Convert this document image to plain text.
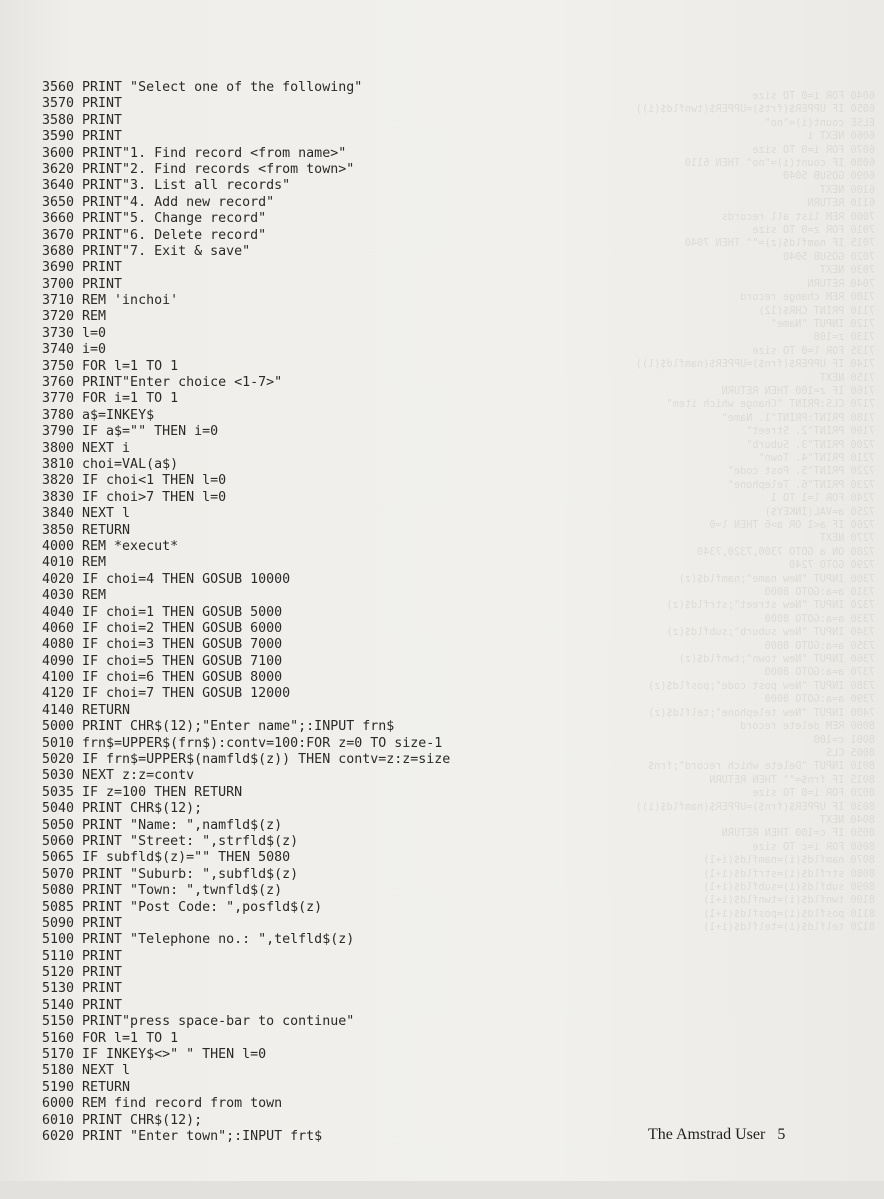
6040 FOR i=0 TO size
6050 IF UPPER$(frt$)=UPPER$(twnfld$(i))
ELSE count(i)="no"
6060 NEXT i
6070 FOR i=0 TO size
6080 IF count(i)="no" THEN 6110
6090 GOSUB 5040
6100 NEXT
6110 RETURN
7000 REM list all records
7010 FOR z=0 TO size
7015 IF namfld$(z)="" THEN 7040
7020 GOSUB 5040
7030 NEXT
7040 RETURN
7100 REM change record
7110 PRINT CHR$(12)
7120 INPUT "Name"
7130 z=100
7135 FOR l=0 TO size
7140 IF UPPER$(frn$)=UPPER$(namfld$(l))
7150 NEXT
7160 IF z=100 THEN RETURN
7170 CLS:PRINT "Change which item"
7180 PRINT:PRINT"1. Name"
7190 PRINT"2. Street"
7200 PRINT"3. Suburb"
7210 PRINT"4. Town"
7220 PRINT"5. Post code"
7230 PRINT"6. Telephone"
7240 FOR l=1 TO 1
7250 a=VAL(INKEY$)
7260 IF a<1 OR a>6 THEN l=0
7270 NEXT
7280 ON a GOTO 7300,7320,7340
7290 GOTO 7240
7300 INPUT "New name";namfld$(z)
7310 a=a:GOTO 8000
7320 INPUT "New street";strfld$(z)
7330 a=a:GOTO 8000
7340 INPUT "New suburb";subfld$(z)
7350 a=a:GOTO 8000
7360 INPUT "New town";twnfld$(z)
7370 a=a:GOTO 8000
7380 INPUT "New post code";posfld$(z)
7390 a=a:GOTO 8000
7400 INPUT "New telephone";telfld$(z)
8000 REM delete record
8001 c=100
8005 CLS
8010 INPUT "Delete which record";frn$
8015 IF frn$="" THEN RETURN
8020 FOR i=0 TO size
8030 IF UPPER$(frn$)=UPPER$(namfld$(i))
8040 NEXT
8050 IF c=100 THEN RETURN
8060 FOR i=c TO size
8070 namfld$(i)=namfld$(i+1)
8080 strfld$(i)=strfld$(i+1)
8090 subfld$(i)=subfld$(i+1)
8100 twnfld$(i)=twnfld$(i+1)
8110 posfld$(i)=posfld$(i+1)
8120 telfld$(i)=telfld$(i+1)
3560 PRINT "Select one of the following"
3570 PRINT
3580 PRINT
3590 PRINT
3600 PRINT"1. Find record <from name>"
3620 PRINT"2. Find records <from town>"
3640 PRINT"3. List all records"
3650 PRINT"4. Add new record"
3660 PRINT"5. Change record"
3670 PRINT"6. Delete record"
3680 PRINT"7. Exit & save"
3690 PRINT
3700 PRINT
3710 REM 'inchoi'
3720 REM
3730 l=0
3740 i=0
3750 FOR l=1 TO 1
3760 PRINT"Enter choice <1-7>"
3770 FOR i=1 TO 1
3780 a$=INKEY$
3790 IF a$="" THEN i=0
3800 NEXT i
3810 choi=VAL(a$)
3820 IF choi<1 THEN l=0
3830 IF choi>7 THEN l=0
3840 NEXT l
3850 RETURN
4000 REM *execut*
4010 REM
4020 IF choi=4 THEN GOSUB 10000
4030 REM
4040 IF choi=1 THEN GOSUB 5000
4060 IF choi=2 THEN GOSUB 6000
4080 IF choi=3 THEN GOSUB 7000
4090 IF choi=5 THEN GOSUB 7100
4100 IF choi=6 THEN GOSUB 8000
4120 IF choi=7 THEN GOSUB 12000
4140 RETURN
5000 PRINT CHR$(12);"Enter name";:INPUT frn$
5010 frn$=UPPER$(frn$):contv=100:FOR z=0 TO size-1
5020 IF frn$=UPPER$(namfld$(z)) THEN contv=z:z=size
5030 NEXT z:z=contv
5035 IF z=100 THEN RETURN
5040 PRINT CHR$(12);
5050 PRINT "Name: ",namfld$(z)
5060 PRINT "Street: ",strfld$(z)
5065 IF subfld$(z)="" THEN 5080
5070 PRINT "Suburb: ",subfld$(z)
5080 PRINT "Town: ",twnfld$(z)
5085 PRINT "Post Code: ",posfld$(z)
5090 PRINT
5100 PRINT "Telephone no.: ",telfld$(z)
5110 PRINT
5120 PRINT
5130 PRINT
5140 PRINT
5150 PRINT"press space-bar to continue"
5160 FOR l=1 TO 1
5170 IF INKEY$<>" " THEN l=0
5180 NEXT l
5190 RETURN
6000 REM find record from town
6010 PRINT CHR$(12);
6020 PRINT "Enter town";:INPUT frt$	The Amstrad User 5
